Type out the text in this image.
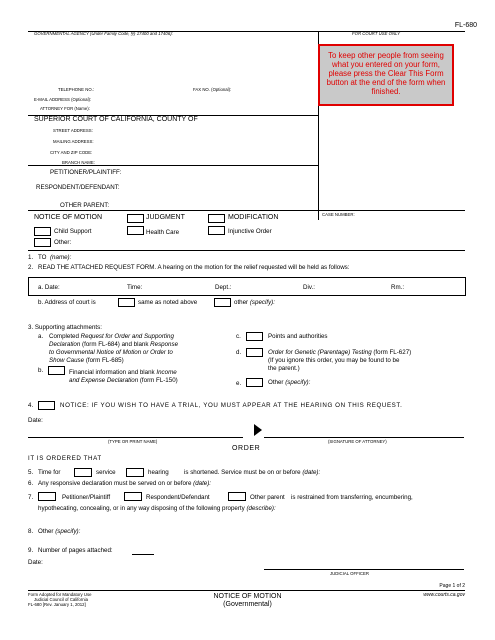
FL-680
FOR COURT USE ONLY
GOVERNMENTAL AGENCY (Under Family Code, §§ 17400 and 17406):
TELEPHONE NO.:	FAX NO. (Optional):
E-MAIL ADDRESS (Optional):
ATTORNEY FOR (Name):
To keep other people from seeing what you entered on your form, please press the Clear This Form button at the end of the form when finished.
SUPERIOR COURT OF CALIFORNIA, COUNTY OF
STREET ADDRESS:
MAILING ADDRESS:
CITY AND ZIP CODE:
BRANCH NAME:
PETITIONER/PLAINTIFF:
RESPONDENT/DEFENDANT:
OTHER PARENT:
CASE NUMBER:
NOTICE OF MOTION	JUDGMENT	MODIFICATION
Child Support	Health Care	Injunctive Order
Other:
1. TO (name):
2. READ THE ATTACHED REQUEST FORM. A hearing on the motion for the relief requested will be held as follows:
a. Date:	Time:	Dept.:	Div.:	Rm.:
b. Address of court is	same as noted above	other (specify):
3. Supporting attachments:
a. Completed Request for Order and Supporting
Declaration (form FL-684) and blank Response
to Governmental Notice of Motion or Order to
Show Cause (form FL-685)
b.	Financial information and blank Income
and Expense Declaration (form FL-150)
c.	Points and authorities
d.	Order for Genetic (Parentage) Testing (form FL-627)
(If you ignore this order, you may be found to be
the parent.)
e.	Other (specify):
4.	NOTICE: IF YOU WISH TO HAVE A TRIAL, YOU MUST APPEAR AT THE HEARING ON THIS REQUEST.
Date:
(TYPE OR PRINT NAME)	(SIGNATURE OF ATTORNEY)
ORDER
IT IS ORDERED THAT
5. Time for	service	hearing is shortened. Service must be on or before (date):
6. Any responsive declaration must be served on or before (date):
7.	Petitioner/Plaintiff	Respondent/Defendant	Other parent is restrained from transferring, encumbering,
hypothecating, concealing, or in any way disposing of the following property (describe):
8. Other (specify):
9. Number of pages attached:
Date:
JUDICIAL OFFICER
Page 1 of 2
Form Adopted for Mandatory Use
Judicial Council of California
FL-680 [Rev. January 1, 2012]
NOTICE OF MOTION
(Governmental)
www.courts.ca.gov
